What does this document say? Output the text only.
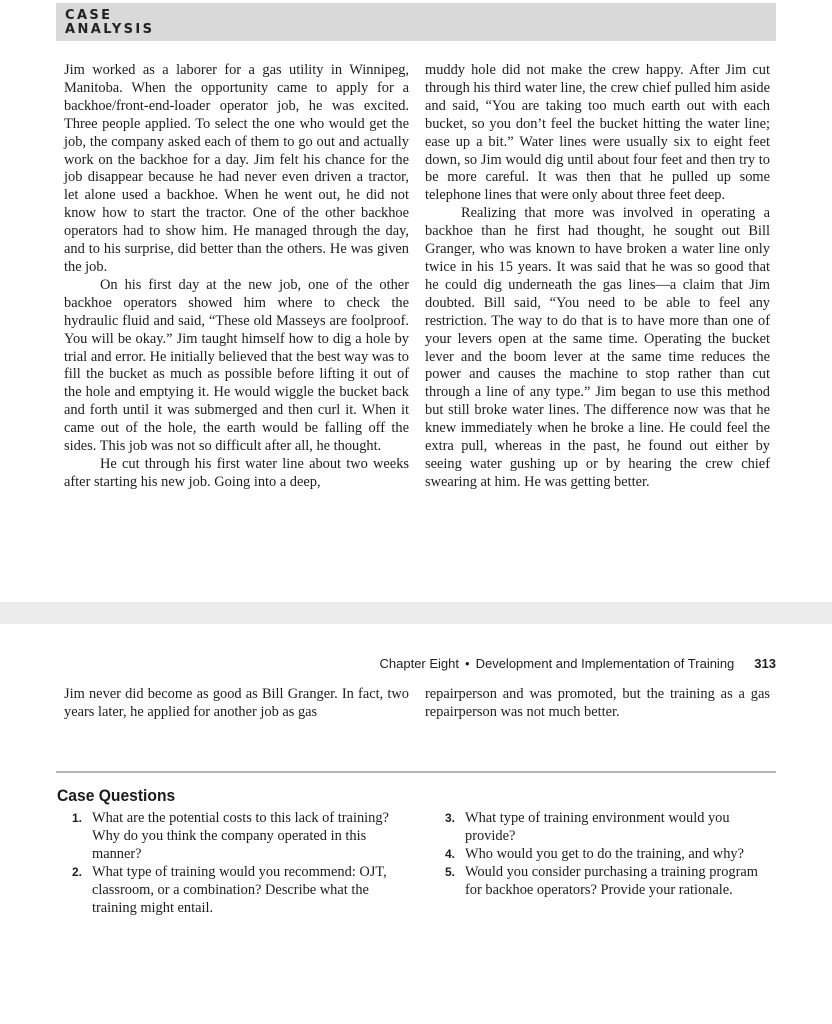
CASE
ANALYSIS

Jim worked as a laborer for a gas utility in Winnipeg, Manitoba. When the opportunity came to apply for a backhoe/front-end-loader operator job, he was excited. Three people applied. To select the one who would get the job, the company asked each of them to go out and actually work on the backhoe for a day. Jim felt his chance for the job disappear because he had never even driven a tractor, let alone used a backhoe. When he went out, he did not know how to start the tractor. One of the other backhoe operators had to show him. He managed through the day, and to his surprise, did better than the others. He was given the job.

On his first day at the new job, one of the other backhoe operators showed him where to check the hydraulic fluid and said, “These old Masseys are foolproof. You will be okay.” Jim taught himself how to dig a hole by trial and error. He initially believed that the best way was to fill the bucket as much as possible before lifting it out of the hole and emptying it. He would wiggle the bucket back and forth until it was submerged and then curl it. When it came out of the hole, the earth would be falling off the sides. This job was not so difficult after all, he thought.

He cut through his first water line about two weeks after starting his new job. Going into a deep,

muddy hole did not make the crew happy. After Jim cut through his third water line, the crew chief pulled him aside and said, “You are taking too much earth out with each bucket, so you don’t feel the bucket hitting the water line; ease up a bit.” Water lines were usually six to eight feet down, so Jim would dig until about four feet and then try to be more careful. It was then that he pulled up some telephone lines that were only about three feet deep.

Realizing that more was involved in operating a backhoe than he first had thought, he sought out Bill Granger, who was known to have broken a water line only twice in his 15 years. It was said that he was so good that he could dig underneath the gas lines—a claim that Jim doubted. Bill said, “You need to be able to feel any restriction. The way to do that is to have more than one of your levers open at the same time. Operating the bucket lever and the boom lever at the same time reduces the power and causes the machine to stop rather than cut through a line of any type.” Jim began to use this method but still broke water lines. The difference now was that he knew immediately when he broke a line. He could feel the extra pull, whereas in the past, he found out either by seeing water gushing up or by hearing the crew chief swearing at him. He was getting better.

Chapter Eight • Development and Implementation of Training 313

Jim never did become as good as Bill Granger. In fact, two years later, he applied for another job as gas

repairperson and was promoted, but the training as a gas repairperson was not much better.

Case Questions
1. What are the potential costs to this lack of training? Why do you think the company operated in this manner?
2. What type of training would you recommend: OJT, classroom, or a combination? Describe what the training might entail.
3. What type of training environment would you provide?
4. Who would you get to do the training, and why?
5. Would you consider purchasing a training program for backhoe operators? Provide your rationale.
